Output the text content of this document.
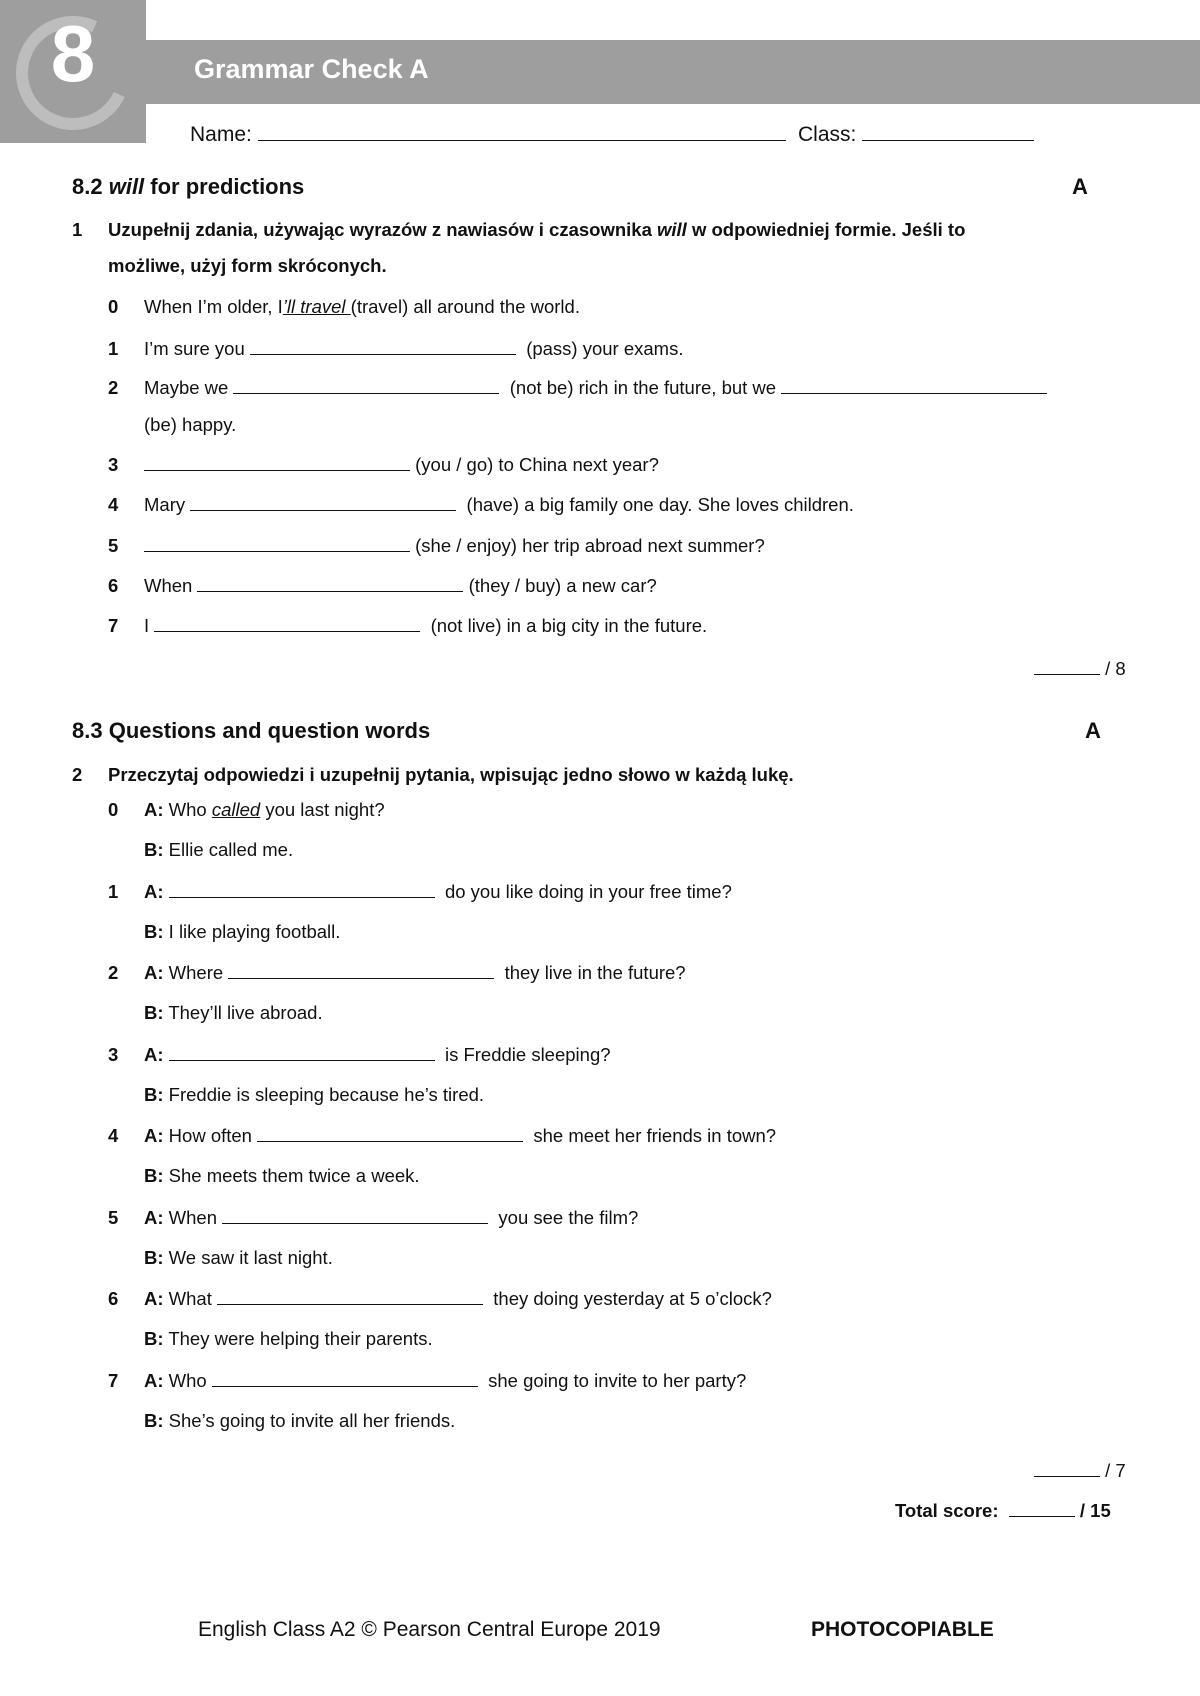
8	Grammar Check A
Name:	Class:
8.2 will for predictions	A
1 Uzupełnij zdania, używając wyrazów z nawiasów i czasownika will w odpowiedniej formie. Jeśli to
możliwe, użyj form skróconych.
0 When I’m older, I’ll travel (travel) all around the world.
1 I’m sure you	(pass) your exams.
2 Maybe we	(not be) rich in the future, but we
(be) happy.
3	(you / go) to China next year?
4 Mary	(have) a big family one day. She loves children.
5	(she / enjoy) her trip abroad next summer?
6 When	(they / buy) a new car?
7 I	(not live) in a big city in the future.
/ 8
8.3 Questions and question words	A
2 Przeczytaj odpowiedzi i uzupełnij pytania, wpisując jedno słowo w każdą lukę.
0 A: Who called you last night?
B: Ellie called me.
1 A:	do you like doing in your free time?
B: I like playing football.
2 A: Where	they live in the future?
B: They’ll live abroad.
3 A:	is Freddie sleeping?
B: Freddie is sleeping because he’s tired.
4 A: How often	she meet her friends in town?
B: She meets them twice a week.
5 A: When	you see the film?
B: We saw it last night.
6 A: What	they doing yesterday at 5 o’clock?
B: They were helping their parents.
7 A: Who	she going to invite to her party?
B: She’s going to invite all her friends.
/ 7
Total score:	/ 15
English Class A2 © Pearson Central Europe 2019	PHOTOCOPIABLE
